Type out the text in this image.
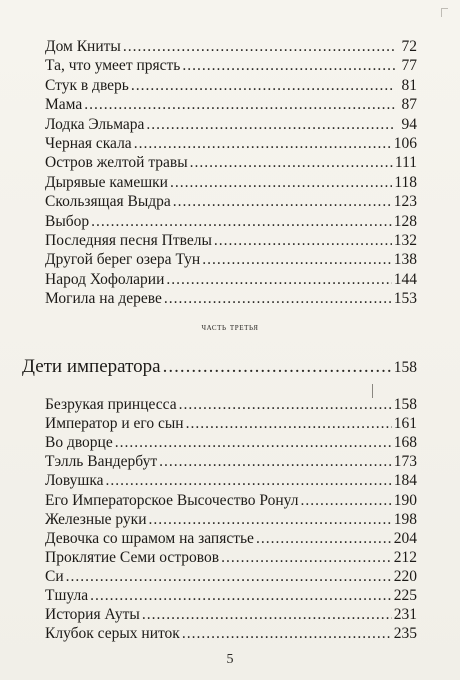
Дом Книты .....	72
Та, что умеет прясть .....	77
Стук в дверь .....	81
Мама .....	87
Лодка Эльмара .....	94
Черная скала .....	106
Остров желтой травы .....	111
Дырявые камешки .....	118
Скользящая Выдра .....	123
Выбор .....	128
Последняя песня Птвелы .....	132
Другой берег озера Тун .....	138
Народ Хофоларии .....	144
Могила на дереве .....	153
часть третья
Дети императора .....	158
Безрукая принцесса .....	158
Император и его сын .....	161
Во дворце .....	168
Тэлль Вандербут .....	173
Ловушка .....	184
Его Императорское Высочество Ронул .....	190
Железные руки .....	198
Девочка со шрамом на запястье .....	204
Проклятие Семи островов .....	212
Си .....	220
Тшула .....	225
История Ауты .....	231
Клубок серых ниток .....	235
5
